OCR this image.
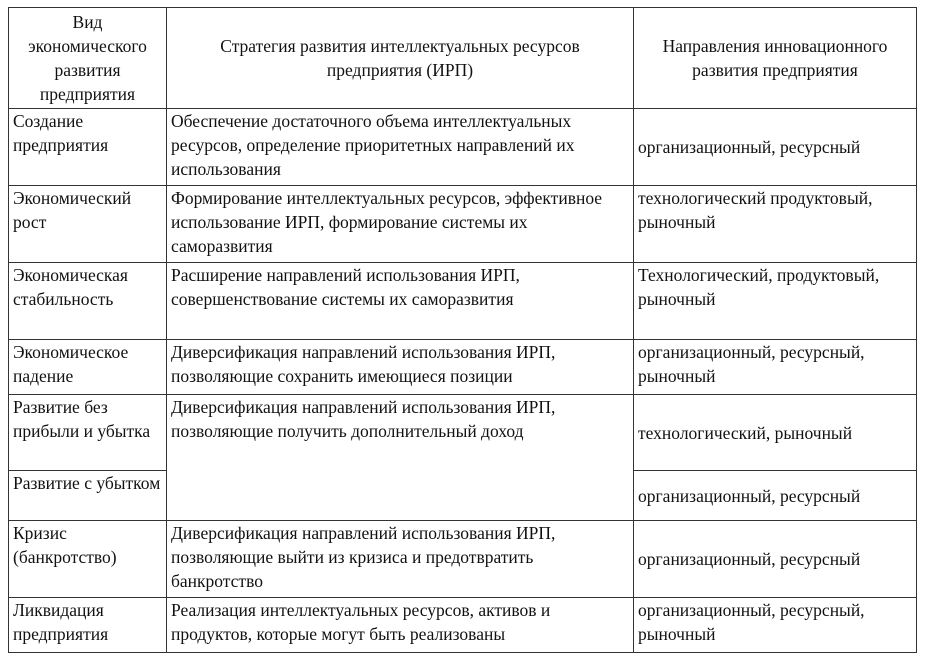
Вид экономического развития предприятия	Стратегия развития интеллектуальных ресурсов предприятия (ИРП)	Направления инновационного развития предприятия
Создание предприятия	Обеспечение достаточного объема интеллектуальных ресурсов, определение приоритетных направлений их использования	организационный, ресурсный
Экономический рост	Формирование интеллектуальных ресурсов, эффективное использование ИРП, формирование системы их саморазвития	технологический продуктовый, рыночный
Экономическая стабильность	Расширение направлений использования ИРП, совершенствование системы их саморазвития	Технологический, продуктовый, рыночный
Экономическое падение	Диверсификация направлений использования ИРП, позволяющие сохранить имеющиеся позиции	организационный, ресурсный, рыночный
Развитие без прибыли и убытка	Диверсификация направлений использования ИРП, позволяющие получить дополнительный доход	технологический, рыночный
Развитие с убытком		организационный, ресурсный
Кризис (банкротство)	Диверсификация направлений использования ИРП, позволяющие выйти из кризиса и предотвратить банкротство	организационный, ресурсный
Ликвидация предприятия	Реализация интеллектуальных ресурсов, активов и продуктов, которые могут быть реализованы	организационный, ресурсный, рыночный
